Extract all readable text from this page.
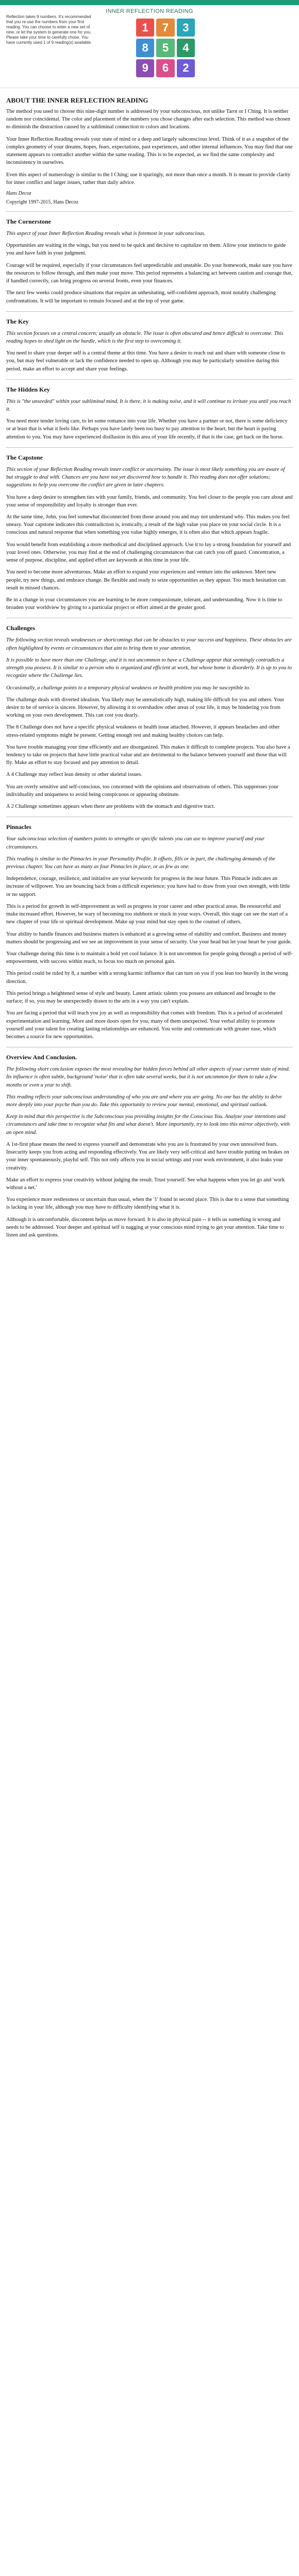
INNER REFLECTION READING
Reflection takes 9 numbers. It's recommended that you re-use the numbers from your first reading. You can choose to enter a new set of nine, or let the system to generate one for you. Please take your time to carefully chose. You have currently used 1 of 9 reading(s) available.
1	7	3
8	5	4
9	6	2
ABOUT THE INNER REFLECTION READING

The method you used to choose this nine-digit number is addressed by your subconscious, not unlike Tarot or I Ching. It is neither random nor coincidental. The color and placement of the numbers you chose changes after each selection. This method was chosen to diminish the distraction caused by a subliminal connection to colors and locations.

Your Inner Reflection Reading reveals your state of mind or a deep and largely subconscious level. Think of it as a snapshot of the complex geometry of your dreams, hopes, fears, expectations, past experiences, and other internal influences. You may find that one statement appears to contradict another within the same reading. This is to be expected, as we find the same complexity and inconsistency in ourselves.

Even this aspect of numerology is similar to the I Ching; use it sparingly, not more than once a month. It is meant to provide clarity for inner conflict and larger issues, rather than daily advice.

Hans Decoz
Copyright 1997-2015, Hans Decoz
The Cornerstone

This aspect of your Inner Reflection Reading reveals what is foremost in your subconscious.

Opportunities are waiting in the wings, but you need to be quick and decisive to capitalize on them. Allow your instincts to guide you and have faith in your judgment.

Courage will be required, especially if your circumstances feel unpredictable and unstable. Do your homework, make sure you have the resources to follow through, and then make your move. This period represents a balancing act between caution and courage that, if handled correctly, can bring progress on several fronts, even your finances.

The next few weeks could produce situations that require an unhesitating, self-confident approach, most notably challenging confrontations. It will be important to remain focused and at the top of your game.

The Key

This section focuses on a central concern; usually an obstacle. The issue is often obscured and hence difficult to overcome. This reading hopes to shed light on the hurdle, which is the first step to overcoming it.

You need to share your deeper self is a central theme at this time. You have a desire to reach out and share with someone close to you, but may feel vulnerable or lack the confidence needed to open up. Although you may be particularly sensitive during this period, make an effort to accept and share your feelings.

The Hidden Key

This is "the unseeded" within your subliminal mind. It is there, it is making noise, and it will continue to irritate you until you reach it.

You need more tender loving care, to let some romance into your life. Whether you have a partner or not, there is some deficiency or at least that is what it feels like. Perhaps you have lately been too busy to pay attention to the heart, but the heart is paying attention to you. You may have experienced disillusion in this area of your life recently, if that is the case, get back on the horse.

The Capstone

This section of your Reflection Reading reveals inner conflict or uncertainty. The issue is most likely something you are aware of but struggle to deal with. Chances are you have not yet discovered how to handle it. This reading does not offer solutions; suggestions to help you overcome the conflict are given in later chapters.

You have a deep desire to strengthen ties with your family, friends, and community. You feel closer to the people you care about and your sense of responsibility and loyalty is stronger than ever.

At the same time, John, you feel somewhat disconnected from those around you and may not understand why. This makes you feel uneasy. Your capstone indicates this contradiction is, ironically, a result of the high value you place on your social circle. It is a conscious and natural response that when something you value highly emerges, it is often also that which appears fragile.

You would benefit from establishing a more methodical and disciplined approach. Use it to lay a strong foundation for yourself and your loved ones. Otherwise, you may find at the end of challenging circumstances that can catch you off guard. Concentration, a sense of purpose, discipline, and applied effort are keywords at this time in your life.

You need to become more adventurous. Make an effort to expand your experiences and venture into the unknown. Meet new people, try new things, and embrace change. Be flexible and ready to seize opportunities as they appear. Too much hesitation can result in missed chances.

Be in a change in your circumstances you are learning to be more compassionate, tolerant, and understanding. Now it is time to broaden your worldview by giving to a particular project or effort aimed at the greater good.

Challenges

The following section reveals weaknesses or shortcomings that can be obstacles to your success and happiness. These obstacles are often highlighted by events or circumstances that aim to bring them to your attention.

It is possible to have more than one Challenge, and it is not uncommon to have a Challenge appear that seemingly contradicts a strength you possess. It is similar to a person who is organized and efficient at work, but whose home is disorderly. It is up to you to recognize where the Challenge lies.

Occasionally, a challenge points to a temporary physical weakness or health problem you may be susceptible to.

The challenge deals with diverted idealism. You likely may be unrealistically high, making life difficult for you and others. Your desire to be of service is sincere. However, by allowing it to overshadow other areas of your life, it may be hindering you from working on your own development. This can cost you dearly.

The 8 Challenge does not have a specific physical weakness or health issue attached. However, it appears headaches and other stress-related symptoms might be present. Getting enough rest and making healthy choices can help.

You have trouble managing your time efficiently and are disorganized. This makes it difficult to complete projects. You also have a tendency to take on projects that have little practical value and are detrimental to the balance between yourself and those that will fly. Make an effort to stay focused and pay attention to detail.

A 4 Challenge may reflect lean density or other skeletal issues.

You are overly sensitive and self-conscious, too concerned with the opinions and observations of others. This suppresses your individuality and uniqueness to avoid being conspicuous or appearing obstinate.

A 2 Challenge sometimes appears when there are problems with the stomach and digestive tract.

Pinnacles

Your subconscious selection of numbers points to strengths or specific talents you can use to improve yourself and your circumstances.

This reading is similar to the Pinnacles in your Personality Profile. It offsets, fills or in part, the challenging demands of the previous chapter. You can have as many as four Pinnacles in place, or as few as one.

Independence, courage, resilience, and initiative are your keywords for progress in the near future. This Pinnacle indicates an increase of willpower. You are bouncing back from a difficult experience; you have had to draw from your own strength, with little or no support.

This is a period for growth in self-improvement as well as progress in your career and other practical areas. Be resourceful and make increased effort. However, be wary of becoming too stubborn or stuck in your ways. Overall, this stage can see the start of a new chapter of your life or spiritual development. Make up your mind but stay open to the counsel of others.

Your ability to handle finances and business matters is enhanced at a growing sense of stability and comfort. Business and money matters should be progressing and we see an improvement in your sense of security. Use your head but let your heart be your guide.

Your challenge during this time is to maintain a bold yet cool balance. It is not uncommon for people going through a period of self-empowerment, with success within reach, to focus too much on personal gain.

This period could be ruled by 8, a number with a strong karmic influence that can turn on you if you lean too heavily in the wrong direction.

This period brings a heightened sense of style and beauty. Latent artistic talents you possess are enhanced and brought to the surface; if so, you may be unexpectedly drawn to the arts in a way you can't explain.

You are facing a period that will teach you joy as well as responsibility that comes with freedom. This is a period of accelerated experimentation and learning. More and more doors open for you, many of them unexpected. Your verbal ability to promote yourself and your talent for creating lasting relationships are enhanced. You write and communicate with greater ease, which becomes a source for new opportunities.

Overview And Conclusion.

The following short conclusion exposes the most revealing bar hidden forces behind all other aspects of your current state of mind. Its influence is often subtle, background 'noise' that is often take several weeks, but it is not uncommon for them to take a few months or even a year to shift.

This reading reflects your subconscious understanding of who you are and where you are going. No one has the ability to delve more deeply into your psyche than you do. Take this opportunity to review your mental, emotional, and spiritual outlook.

Keep in mind that this perspective is the Subconscious you providing insights for the Conscious You. Analyze your intentions and circumstances and take time to recognize what fits and what doesn't. More importantly, try to look into this mirror objectively, with an open mind.

A 1st-first phase means the need to express yourself and demonstrate who you are is frustrated by your own unresolved fears. Insecurity keeps you from acting and responding effectively. You are likely very self-critical and have trouble putting on brakes on your inner spontaneously, playful self. This not only affects you in social settings and your work environment, it also leaks your creativity.

Make an effort to express your creativity without judging the result. Trust yourself. See what happens when you let go and 'work without a net.'

You experience more restlessness or uncertain than usual, when the '1' found in second place. This is due to a sense that something is lacking in your life, although you may have to difficulty identifying what it is.

Although it is uncomfortable, discontent helps us move forward. It is also in physical pain -- it tells us something is wrong and needs to be addressed. Your deeper and spiritual self is nagging at your conscious mind trying to get your attention. Take time to listen and ask questions.
